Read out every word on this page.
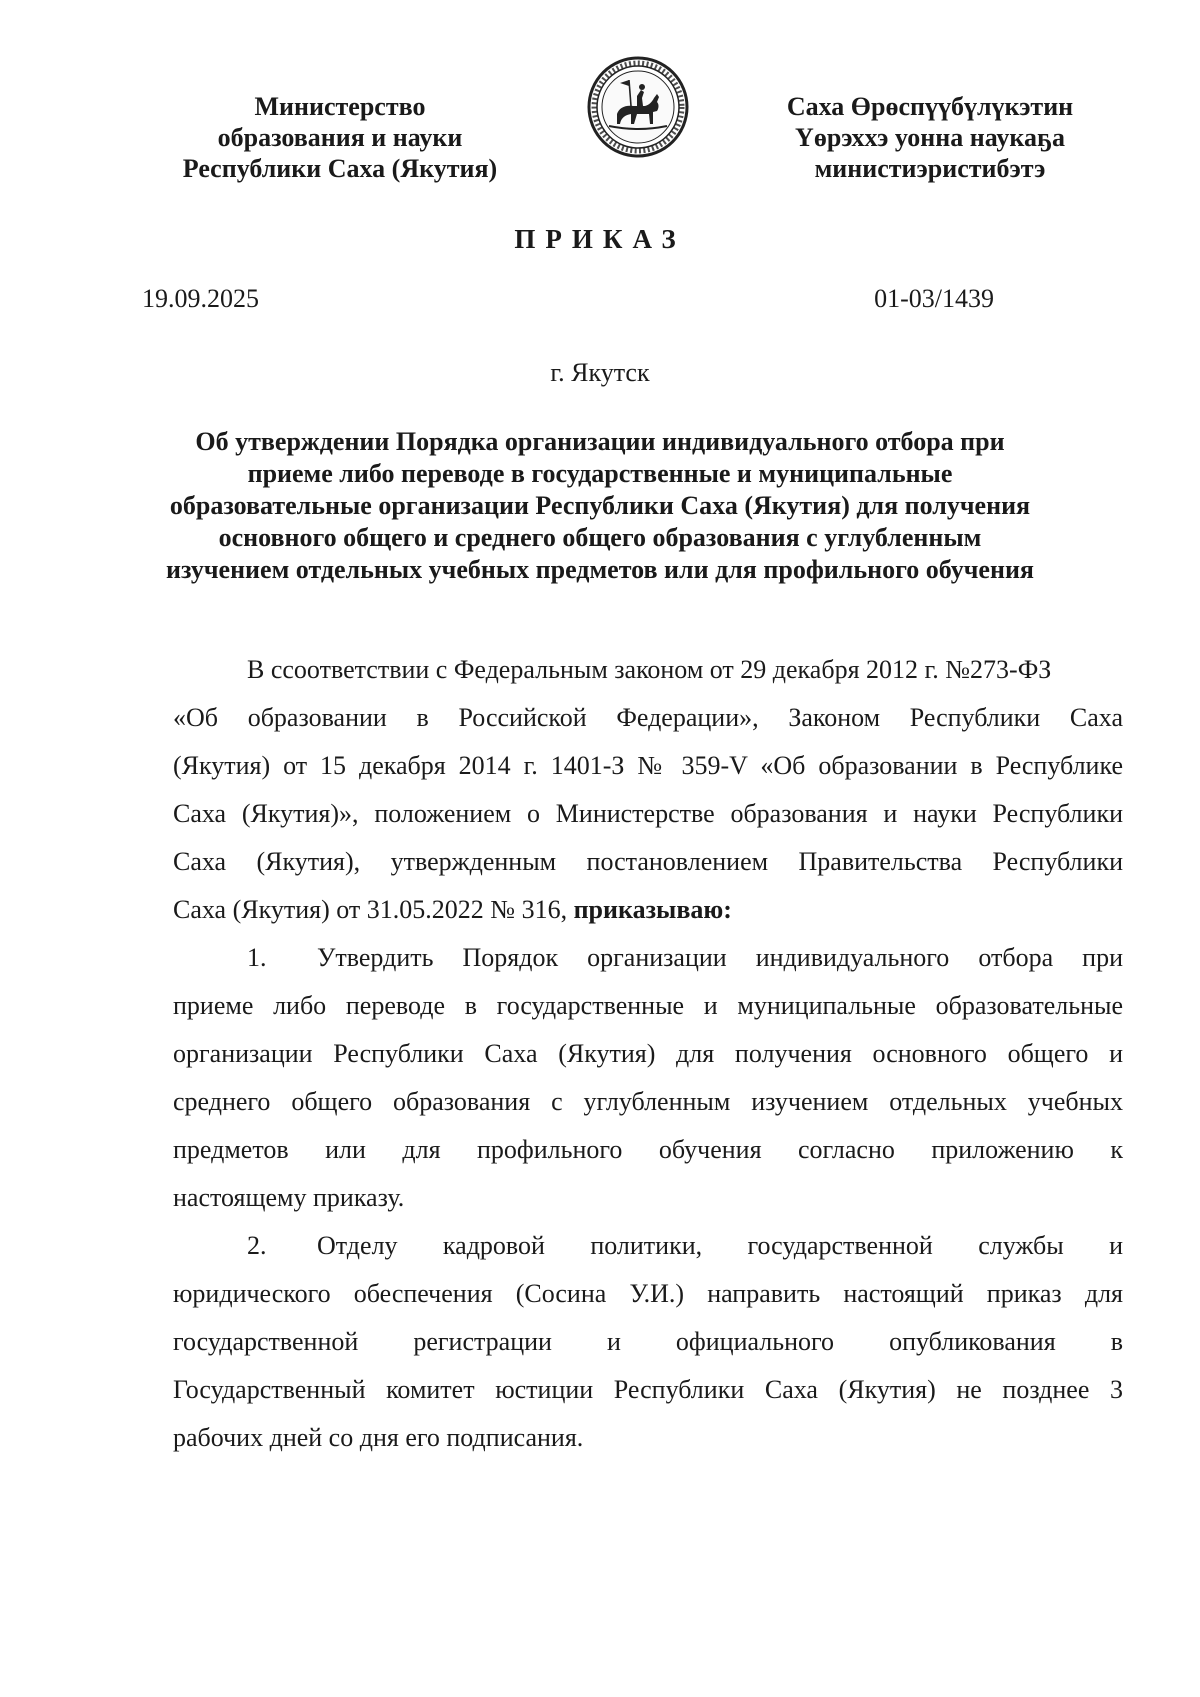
Министерство
образования и науки
Республики Саха (Якутия)
Саха Өрөспүүбүлүкэтин
Үөрэххэ уонна наукаҕа
министиэристибэтэ
ПРИКАЗ
19.09.2025	01-03/1439
г. Якутск
Об утверждении Порядка организации индивидуального отбора при
приеме либо переводе в государственные и муниципальные
образовательные организации Республики Саха (Якутия) для получения
основного общего и среднего общего образования с углубленным
изучением отдельных учебных предметов или для профильного обучения
В ссоответствии с Федеральным законом от 29 декабря 2012 г. №273-ФЗ
«Об образовании в Российской Федерации», Законом Республики Саха
(Якутия) от 15 декабря 2014 г. 1401-З № 359-V «Об образовании в Республике
Саха (Якутия)», положением о Министерстве образования и науки Республики
Саха (Якутия), утвержденным постановлением Правительства Республики
Саха (Якутия) от 31.05.2022 № 316, приказываю:
1.	Утвердить Порядок организации индивидуального отбора при
приеме либо переводе в государственные и муниципальные образовательные
организации Республики Саха (Якутия) для получения основного общего и
среднего общего образования с углубленным изучением отдельных учебных
предметов или для профильного обучения согласно приложению к
настоящему приказу.
2.	Отделу кадровой политики, государственной службы и
юридического обеспечения (Сосина У.И.) направить настоящий приказ для
государственной регистрации и официального опубликования в
Государственный комитет юстиции Республики Саха (Якутия) не позднее 3
рабочих дней со дня его подписания.
